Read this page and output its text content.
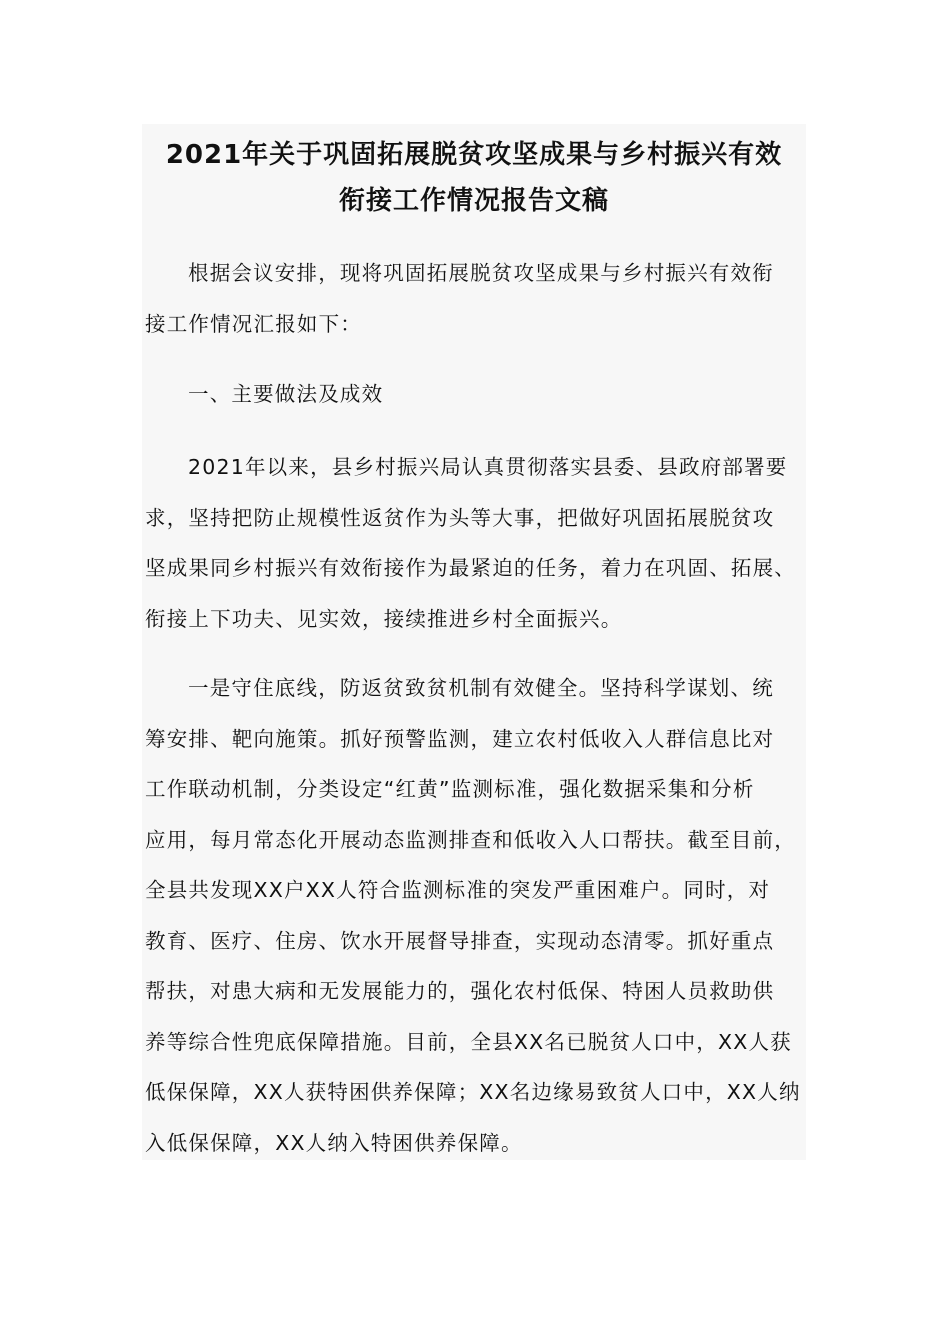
2021年关于巩固拓展脱贫攻坚成果与乡村振兴有效
衔接工作情况报告文稿

根据会议安排，现将巩固拓展脱贫攻坚成果与乡村振兴有效衔
接工作情况汇报如下：

一、主要做法及成效

2021年以来，县乡村振兴局认真贯彻落实县委、县政府部署要
求，坚持把防止规模性返贫作为头等大事，把做好巩固拓展脱贫攻
坚成果同乡村振兴有效衔接作为最紧迫的任务，着力在巩固、拓展、
衔接上下功夫、见实效，接续推进乡村全面振兴。

一是守住底线，防返贫致贫机制有效健全。坚持科学谋划、统
筹安排、靶向施策。抓好预警监测，建立农村低收入人群信息比对
工作联动机制，分类设定“红黄”监测标准，强化数据采集和分析
应用，每月常态化开展动态监测排查和低收入人口帮扶。截至目前，
全县共发现XX户XX人符合监测标准的突发严重困难户。同时，对
教育、医疗、住房、饮水开展督导排查，实现动态清零。抓好重点
帮扶，对患大病和无发展能力的，强化农村低保、特困人员救助供
养等综合性兜底保障措施。目前，全县XX名已脱贫人口中，XX人获
低保保障，XX人获特困供养保障；XX名边缘易致贫人口中，XX人纳
入低保保障，XX人纳入特困供养保障。
